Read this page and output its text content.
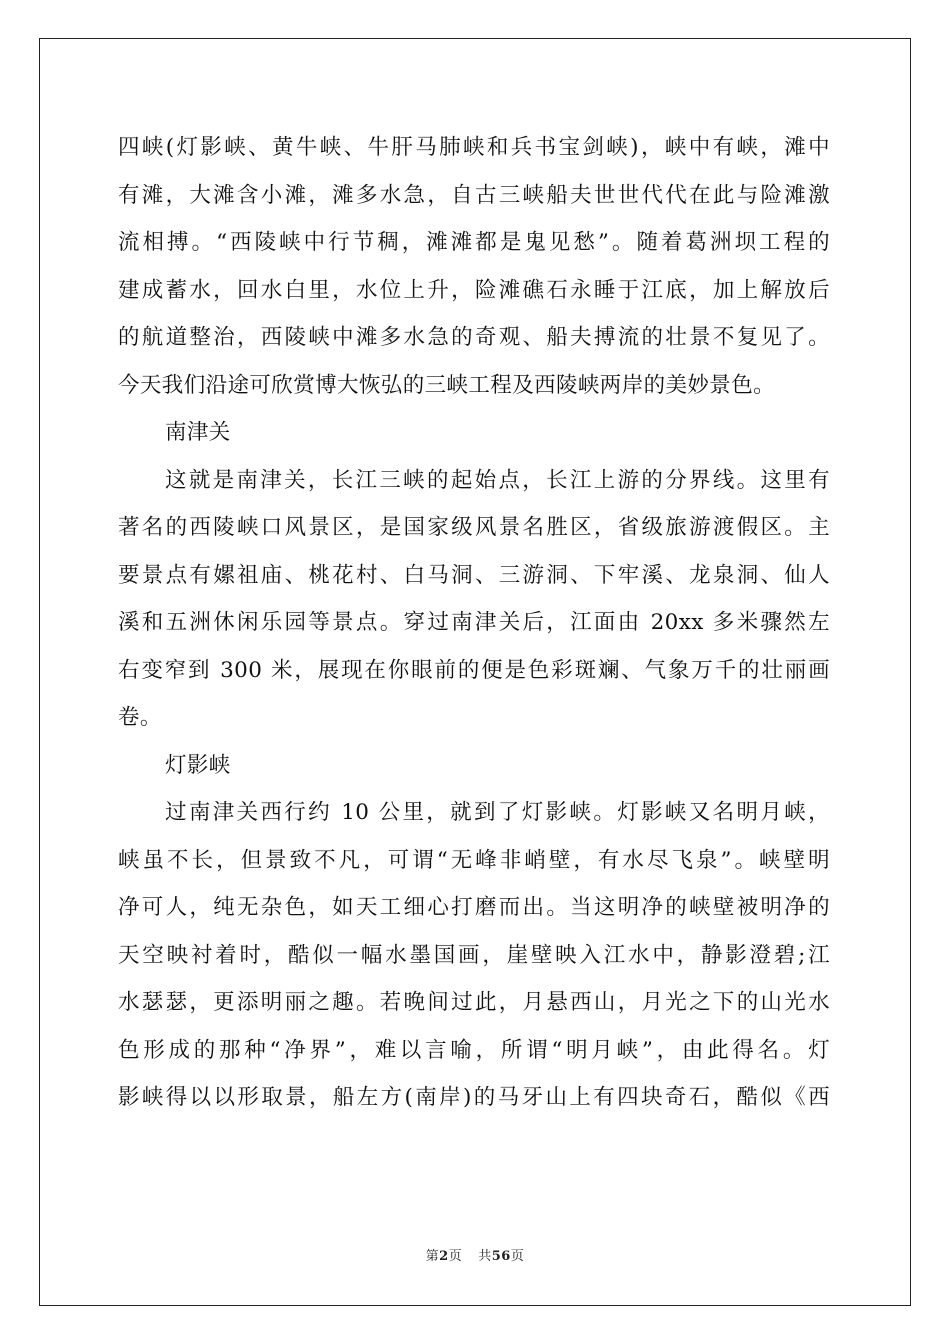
四峡(灯影峡、黄牛峡、牛肝马肺峡和兵书宝剑峡)，峡中有峡，滩中
有滩，大滩含小滩，滩多水急，自古三峡船夫世世代代在此与险滩激
流相搏。“西陵峡中行节稠，滩滩都是鬼见愁”。随着葛洲坝工程的
建成蓄水，回水白里，水位上升，险滩礁石永睡于江底，加上解放后
的航道整治，西陵峡中滩多水急的奇观、船夫搏流的壮景不复见了。
今天我们沿途可欣赏博大恢弘的三峡工程及西陵峡两岸的美妙景色。
南津关
这就是南津关，长江三峡的起始点，长江上游的分界线。这里有
著名的西陵峡口风景区，是国家级风景名胜区，省级旅游渡假区。主
要景点有嫘祖庙、桃花村、白马洞、三游洞、下牢溪、龙泉洞、仙人
溪和五洲休闲乐园等景点。穿过南津关后，江面由 20xx 多米骤然左
右变窄到 300 米，展现在你眼前的便是色彩斑斓、气象万千的壮丽画
卷。
灯影峡
过南津关西行约 10 公里，就到了灯影峡。灯影峡又名明月峡，
峡虽不长，但景致不凡，可谓“无峰非峭壁，有水尽飞泉”。峡壁明
净可人，纯无杂色，如天工细心打磨而出。当这明净的峡壁被明净的
天空映衬着时，酷似一幅水墨国画，崖壁映入江水中，静影澄碧;江
水瑟瑟，更添明丽之趣。若晚间过此，月悬西山，月光之下的山光水
色形成的那种“净界”，难以言喻，所谓“明月峡”，由此得名。灯
影峡得以以形取景，船左方(南岸)的马牙山上有四块奇石，酷似《西
第2页 共56页
